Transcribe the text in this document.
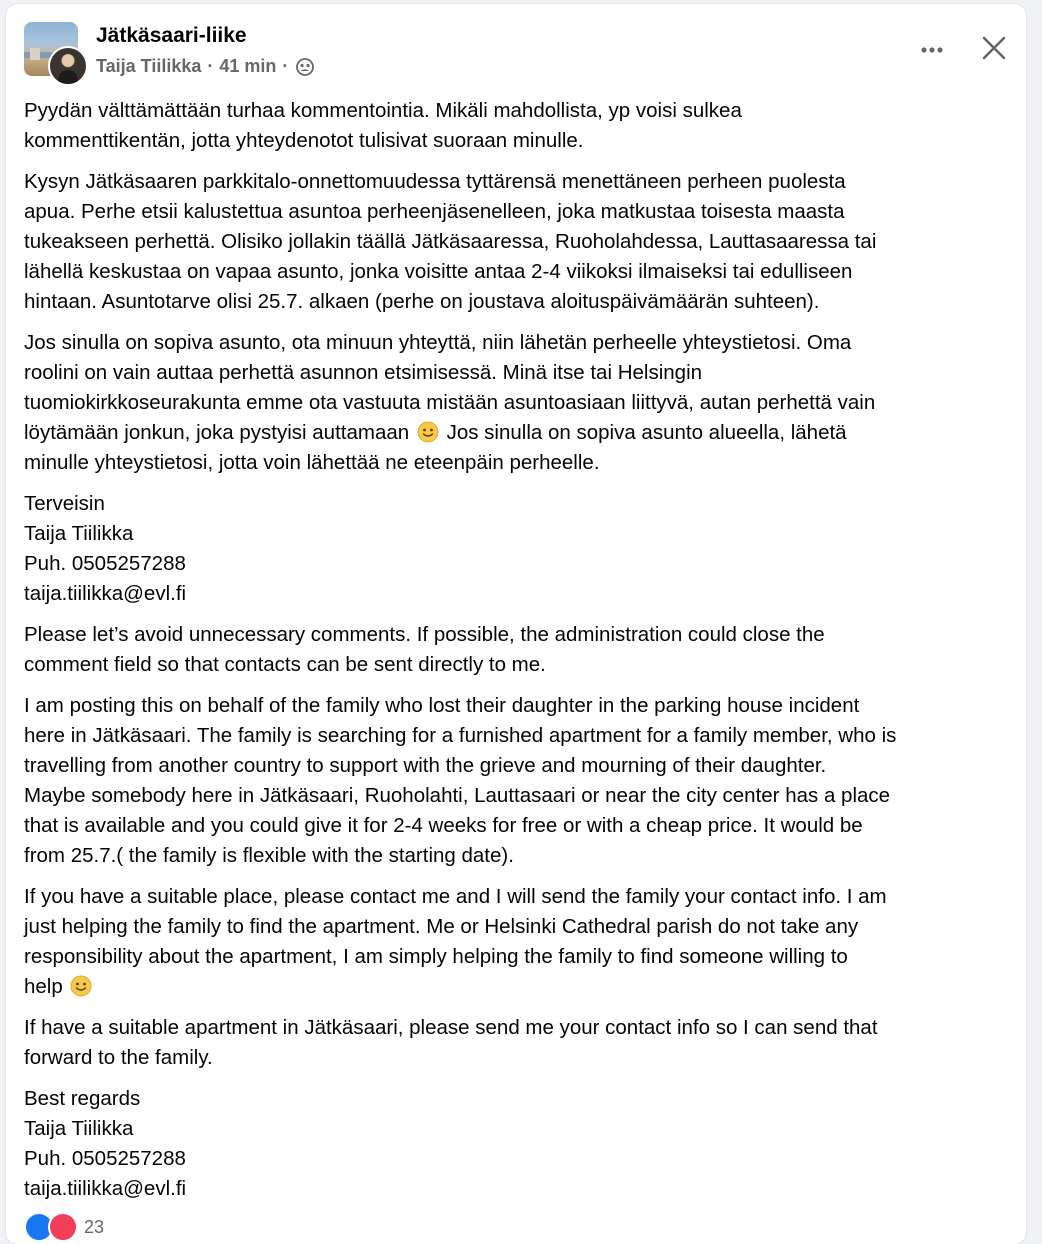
Jätkäsaari-liike
Taija Tiilikka · 41 min ·

Pyydän välttämättään turhaa kommentointia. Mikäli mahdollista, yp voisi sulkea
kommenttikentän, jotta yhteydenotot tulisivat suoraan minulle.

Kysyn Jätkäsaaren parkkitalo-onnettomuudessa tyttärensä menettäneen perheen puolesta
apua. Perhe etsii kalustettua asuntoa perheenjäsenelleen, joka matkustaa toisesta maasta
tukeakseen perhettä. Olisiko jollakin täällä Jätkäsaaressa, Ruoholahdessa, Lauttasaaressa tai
lähellä keskustaa on vapaa asunto, jonka voisitte antaa 2-4 viikoksi ilmaiseksi tai edulliseen
hintaan. Asuntotarve olisi 25.7. alkaen (perhe on joustava aloituspäivämäärän suhteen).

Jos sinulla on sopiva asunto, ota minuun yhteyttä, niin lähetän perheelle yhteystietosi. Oma
roolini on vain auttaa perhettä asunnon etsimisessä. Minä itse tai Helsingin
tuomiokirkkoseurakunta emme ota vastuuta mistään asuntoasiaan liittyvä, autan perhettä vain
löytämään jonkun, joka pystyisi auttamaan Jos sinulla on sopiva asunto alueella, lähetä
minulle yhteystietosi, jotta voin lähettää ne eteenpäin perheelle.

Terveisin
Taija Tiilikka
Puh. 0505257288
taija.tiilikka@evl.fi

Please let’s avoid unnecessary comments. If possible, the administration could close the
comment field so that contacts can be sent directly to me.

I am posting this on behalf of the family who lost their daughter in the parking house incident
here in Jätkäsaari. The family is searching for a furnished apartment for a family member, who is
travelling from another country to support with the grieve and mourning of their daughter.
Maybe somebody here in Jätkäsaari, Ruoholahti, Lauttasaari or near the city center has a place
that is available and you could give it for 2-4 weeks for free or with a cheap price. It would be
from 25.7.( the family is flexible with the starting date).

If you have a suitable place, please contact me and I will send the family your contact info. I am
just helping the family to find the apartment. Me or Helsinki Cathedral parish do not take any
responsibility about the apartment, I am simply helping the family to find someone willing to
help

If have a suitable apartment in Jätkäsaari, please send me your contact info so I can send that
forward to the family.

Best regards
Taija Tiilikka
Puh. 0505257288
taija.tiilikka@evl.fi

23
